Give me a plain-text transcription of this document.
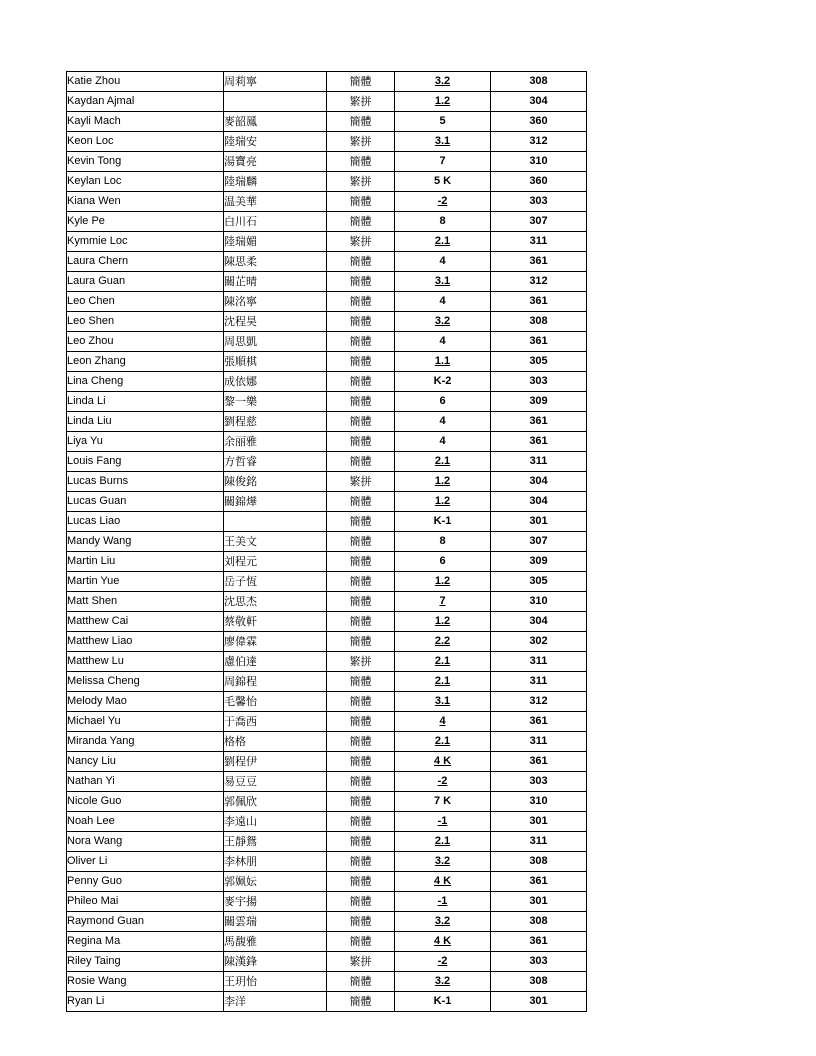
Katie Zhou	周莉寧	簡體	3.2	308
Kaydan Ajmal		繁拼	1.2	304
Kayli Mach	麥韶鳳	簡體	5	360
Keon Loc	陸瑞安	繁拼	3.1	312
Kevin Tong	湯寶亮	簡體	7	310
Keylan Loc	陸瑞麟	繁拼	5 K	360
Kiana Wen	温美華	簡體	-2	303
Kyle Pe	白川石	簡體	8	307
Kymmie Loc	陸瑞媚	繁拼	2.1	311
Laura Chern	陳思柔	簡體	4	361
Laura Guan	關芷晴	簡體	3.1	312
Leo Chen	陳洺寧	簡體	4	361
Leo Shen	沈程昊	簡體	3.2	308
Leo Zhou	周思凱	簡體	4	361
Leon Zhang	張順棋	簡體	1.1	305
Lina Cheng	成依娜	簡體	K-2	303
Linda Li	黎一樂	簡體	6	309
Linda Liu	劉程慈	簡體	4	361
Liya Yu	余丽雅	簡體	4	361
Louis Fang	方哲睿	簡體	2.1	311
Lucas Burns	陳俊銘	繁拼	1.2	304
Lucas Guan	關錦燁	簡體	1.2	304
Lucas Liao		簡體	K-1	301
Mandy Wang	王美文	簡體	8	307
Martin Liu	刘程元	簡體	6	309
Martin Yue	岳子恆	簡體	1.2	305
Matt Shen	沈思杰	簡體	7	310
Matthew Cai	蔡敬軒	簡體	1.2	304
Matthew Liao	廖偉霖	簡體	2.2	302
Matthew Lu	慮伯達	繁拼	2.1	311
Melissa Cheng	周錦程	簡體	2.1	311
Melody Mao	毛馨怡	簡體	3.1	312
Michael Yu	于喬西	簡體	4	361
Miranda Yang	格格	簡體	2.1	311
Nancy Liu	劉程伊	簡體	4 K	361
Nathan Yi	易豆豆	簡體	-2	303
Nicole Guo	郭佩欣	簡體	7 K	310
Noah Lee	李遠山	簡體	-1	301
Nora Wang	王靜鴛	簡體	2.1	311
Oliver Li	李林朋	簡體	3.2	308
Penny Guo	郭姵妘	簡體	4 K	361
Phileo Mai	麥宇揚	簡體	-1	301
Raymond Guan	關雲瑞	簡體	3.2	308
Regina Ma	馬馥雅	簡體	4 K	361
Riley Taing	陳漢鋒	繁拼	-2	303
Rosie Wang	王玥怡	簡體	3.2	308
Ryan Li	李洋	簡體	K-1	301
